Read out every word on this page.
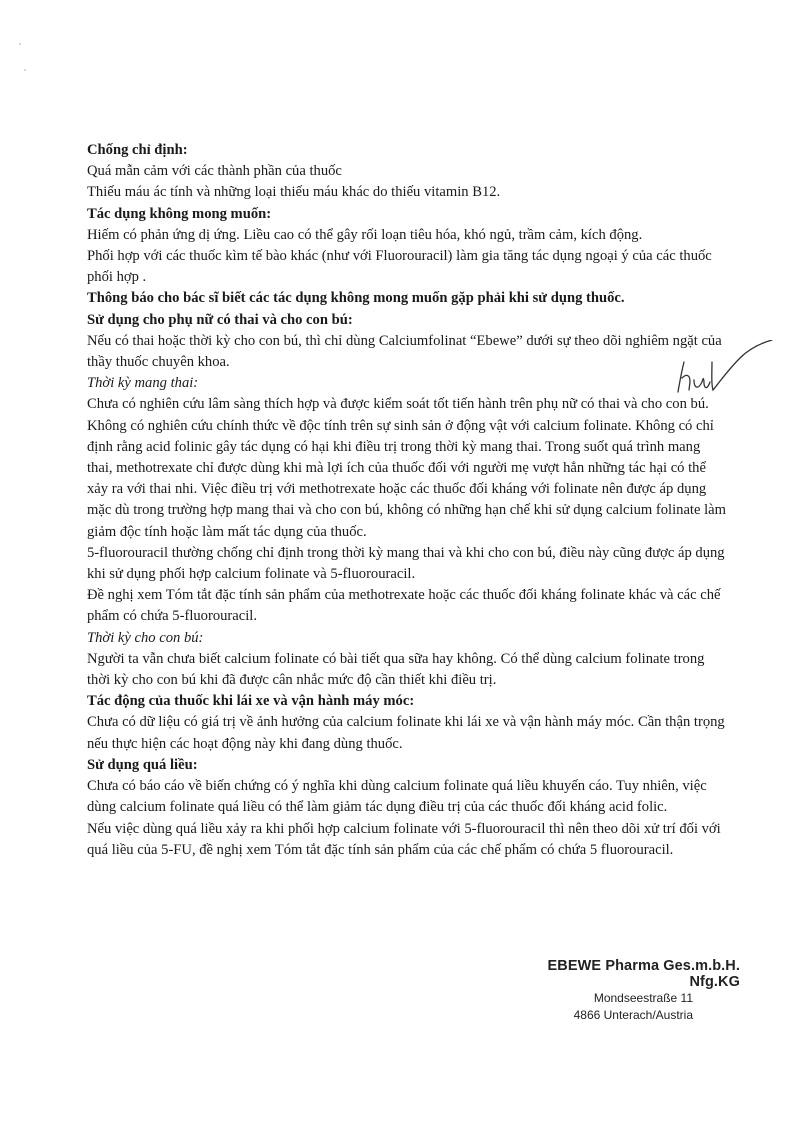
Chống chỉ định:

Quá mẫn cảm với các thành phần của thuốc

Thiếu máu ác tính và những loại thiếu máu khác do thiếu vitamin B12.

Tác dụng không mong muốn:

Hiếm có phản ứng dị ứng. Liều cao có thể gây rối loạn tiêu hóa, khó ngủ, trầm cảm, kích động.

Phối hợp với các thuốc kìm tế bào khác (như với Fluorouracil) làm gia tăng tác dụng ngoại ý của các thuốc phối hợp .

Thông báo cho bác sĩ biết các tác dụng không mong muốn gặp phải khi sử dụng thuốc.

Sử dụng cho phụ nữ có thai và cho con bú:

Nếu có thai hoặc thời kỳ cho con bú, thì chỉ dùng Calciumfolinat “Ebewe” dưới sự theo dõi nghiêm ngặt của thầy thuốc chuyên khoa.

Thời kỳ mang thai:

Chưa có nghiên cứu lâm sàng thích hợp và được kiểm soát tốt tiến hành trên phụ nữ có thai và cho con bú. Không có nghiên cứu chính thức về độc tính trên sự sinh sản ở động vật với calcium folinate. Không có chỉ định rằng acid folinic gây tác dụng có hại khi điều trị trong thời kỳ mang thai. Trong suốt quá trình mang thai, methotrexate chỉ được dùng khi mà lợi ích của thuốc đối với người mẹ vượt hẳn những tác hại có thể xảy ra với thai nhi. Việc điều trị với methotrexate hoặc các thuốc đối kháng với folinate nên được áp dụng mặc dù trong trường hợp mang thai và cho con bú, không có những hạn chế khi sử dụng calcium folinate làm giảm độc tính hoặc làm mất tác dụng của thuốc.

5-fluorouracil thường chống chỉ định trong thời kỳ mang thai và khi cho con bú, điều này cũng được áp dụng khi sử dụng phối hợp calcium folinate và 5-fluorouracil.

Đề nghị xem Tóm tắt đặc tính sản phẩm của methotrexate hoặc các thuốc đối kháng folinate khác và các chế phẩm có chứa 5-fluorouracil.

Thời kỳ cho con bú:

Người ta vẫn chưa biết calcium folinate có bài tiết qua sữa hay không. Có thể dùng calcium folinate trong thời kỳ cho con bú khi đã được cân nhắc mức độ cần thiết khi điều trị.

Tác động của thuốc khi lái xe và vận hành máy móc:

Chưa có dữ liệu có giá trị về ảnh hưởng của calcium folinate khi lái xe và vận hành máy móc. Cần thận trọng nếu thực hiện các hoạt động này khi đang dùng thuốc.

Sử dụng quá liều:

Chưa có báo cáo về biến chứng có ý nghĩa khi dùng calcium folinate quá liều khuyến cáo. Tuy nhiên, việc dùng calcium folinate quá liều có thể làm giảm tác dụng điều trị của các thuốc đối kháng acid folic.

Nếu việc dùng quá liều xảy ra khi phối hợp calcium folinate với 5-fluorouracil thì nên theo dõi xử trí đối với quá liều của 5-FU, đề nghị xem Tóm tắt đặc tính sản phẩm của các chế phẩm có chứa 5 fluorouracil.

EBEWE Pharma Ges.m.b.H. Nfg.KG
Mondseestraße 11
4866 Unterach/Austria
